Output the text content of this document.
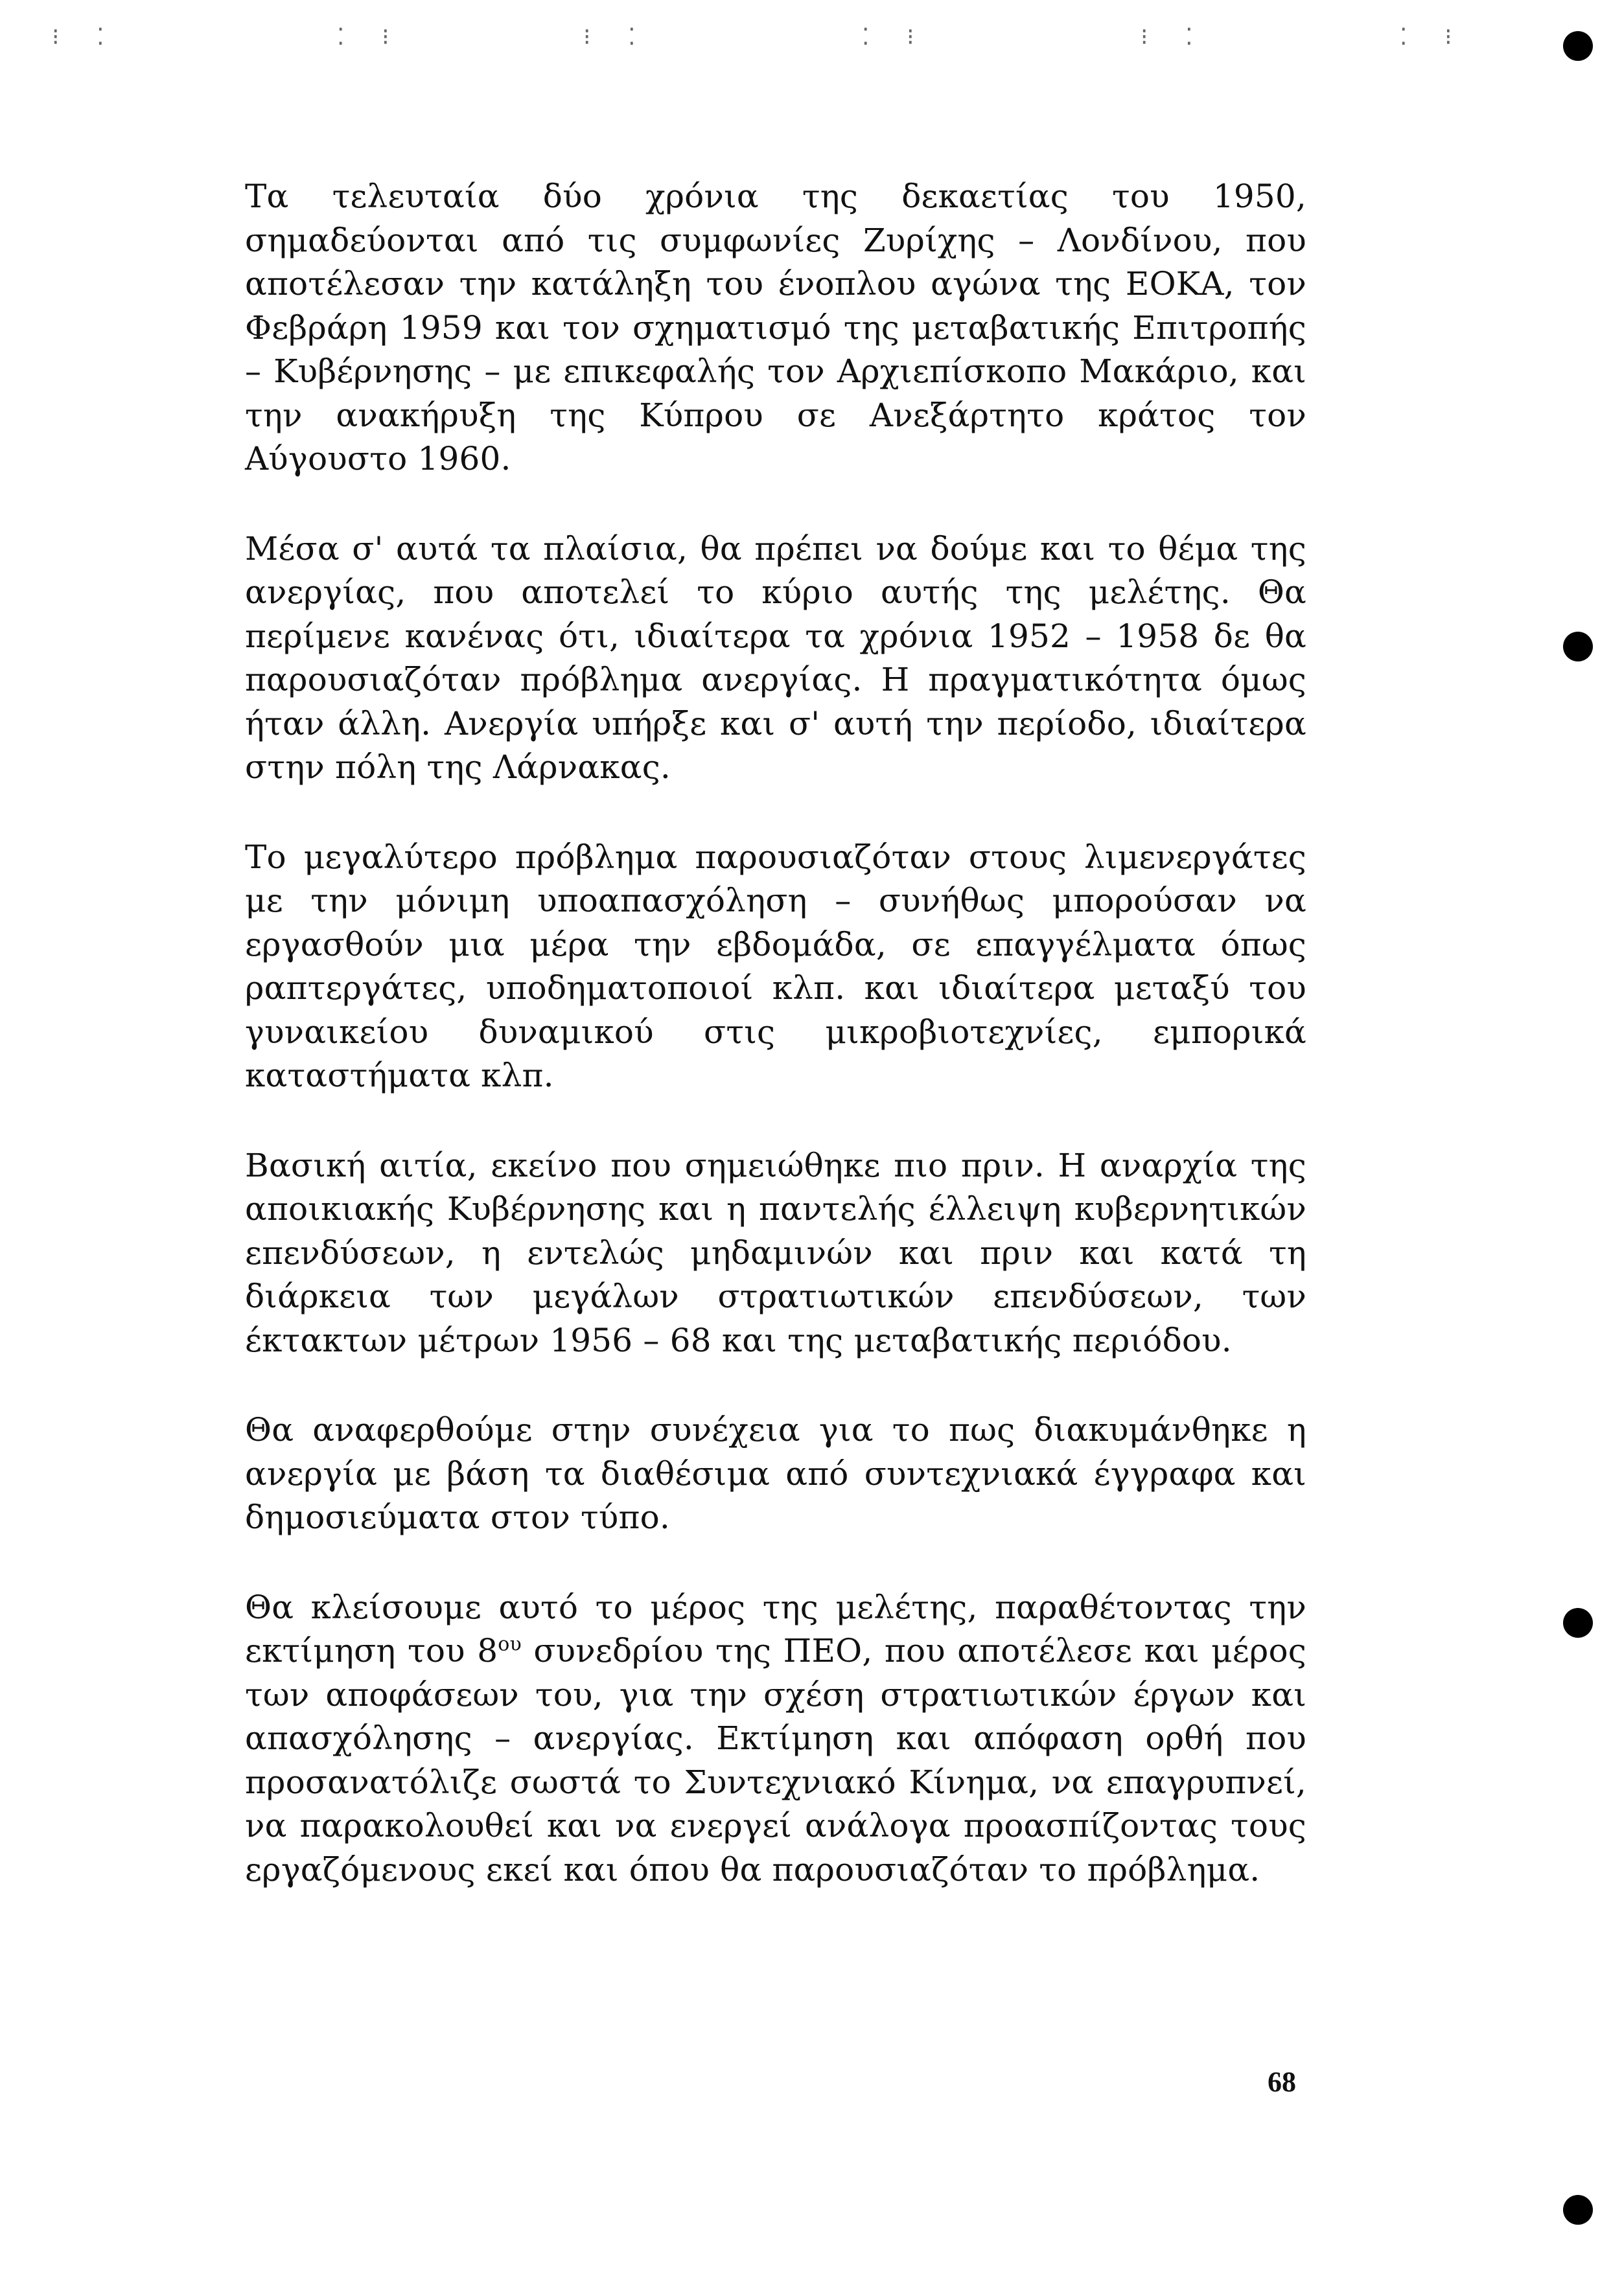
⁝ ⁚	⁚ ⁝	⁝ ⁚	⁚ ⁝	⁝ ⁚	⁚ ⁝

Τα τελευταία δύο χρόνια της δεκαετίας του 1950, σημαδεύονται από τις συμφωνίες Ζυρίχης – Λονδίνου, που αποτέλεσαν την κατάληξη του ένοπλου αγώνα της ΕΟΚΑ, τον Φεβράρη 1959 και τον σχηματισμό της μεταβατικής Επιτροπής – Κυβέρνησης – με επικεφαλής τον Αρχιεπίσκοπο Μακάριο, και την ανακήρυξη της Κύπρου σε Ανεξάρτητο κράτος τον Αύγουστο 1960.

Μέσα σ' αυτά τα πλαίσια, θα πρέπει να δούμε και το θέμα της ανεργίας, που αποτελεί το κύριο αυτής της μελέτης. Θα περίμενε κανένας ότι, ιδιαίτερα τα χρόνια 1952 – 1958 δε θα παρουσιαζόταν πρόβλημα ανεργίας. Η πραγματικότητα όμως ήταν άλλη. Ανεργία υπήρξε και σ' αυτή την περίοδο, ιδιαίτερα στην πόλη της Λάρνακας.

Το μεγαλύτερο πρόβλημα παρουσιαζόταν στους λιμενεργάτες με την μόνιμη υποαπασχόληση – συνήθως μπορούσαν να εργασθούν μια μέρα την εβδομάδα, σε επαγγέλματα όπως ραπτεργάτες, υποδηματοποιοί κλπ. και ιδιαίτερα μεταξύ του γυναικείου δυναμικού στις μικροβιοτεχνίες, εμπορικά καταστήματα κλπ.

Βασική αιτία, εκείνο που σημειώθηκε πιο πριν. Η αναρχία της αποικιακής Κυβέρνησης και η παντελής έλλειψη κυβερνητικών επενδύσεων, η εντελώς μηδαμινών και πριν και κατά τη διάρκεια των μεγάλων στρατιωτικών επενδύσεων, των έκτακτων μέτρων 1956 – 68 και της μεταβατικής περιόδου.

Θα αναφερθούμε στην συνέχεια για το πως διακυμάνθηκε η ανεργία με βάση τα διαθέσιμα από συντεχνιακά έγγραφα και δημοσιεύματα στον τύπο.

Θα κλείσουμε αυτό το μέρος της μελέτης, παραθέτοντας την εκτίμηση του $8^{o\upsilon}$ συνεδρίου της ΠΕΟ, που αποτέλεσε και μέρος των αποφάσεων του, για την σχέση στρατιωτικών έργων και απασχόλησης – ανεργίας. Εκτίμηση και απόφαση ορθή που προσανατόλιζε σωστά το Συντεχνιακό Κίνημα, να επαγρυπνεί, να παρακολουθεί και να ενεργεί ανάλογα προασπίζοντας τους εργαζόμενους εκεί και όπου θα παρουσιαζόταν το πρόβλημα.

68
